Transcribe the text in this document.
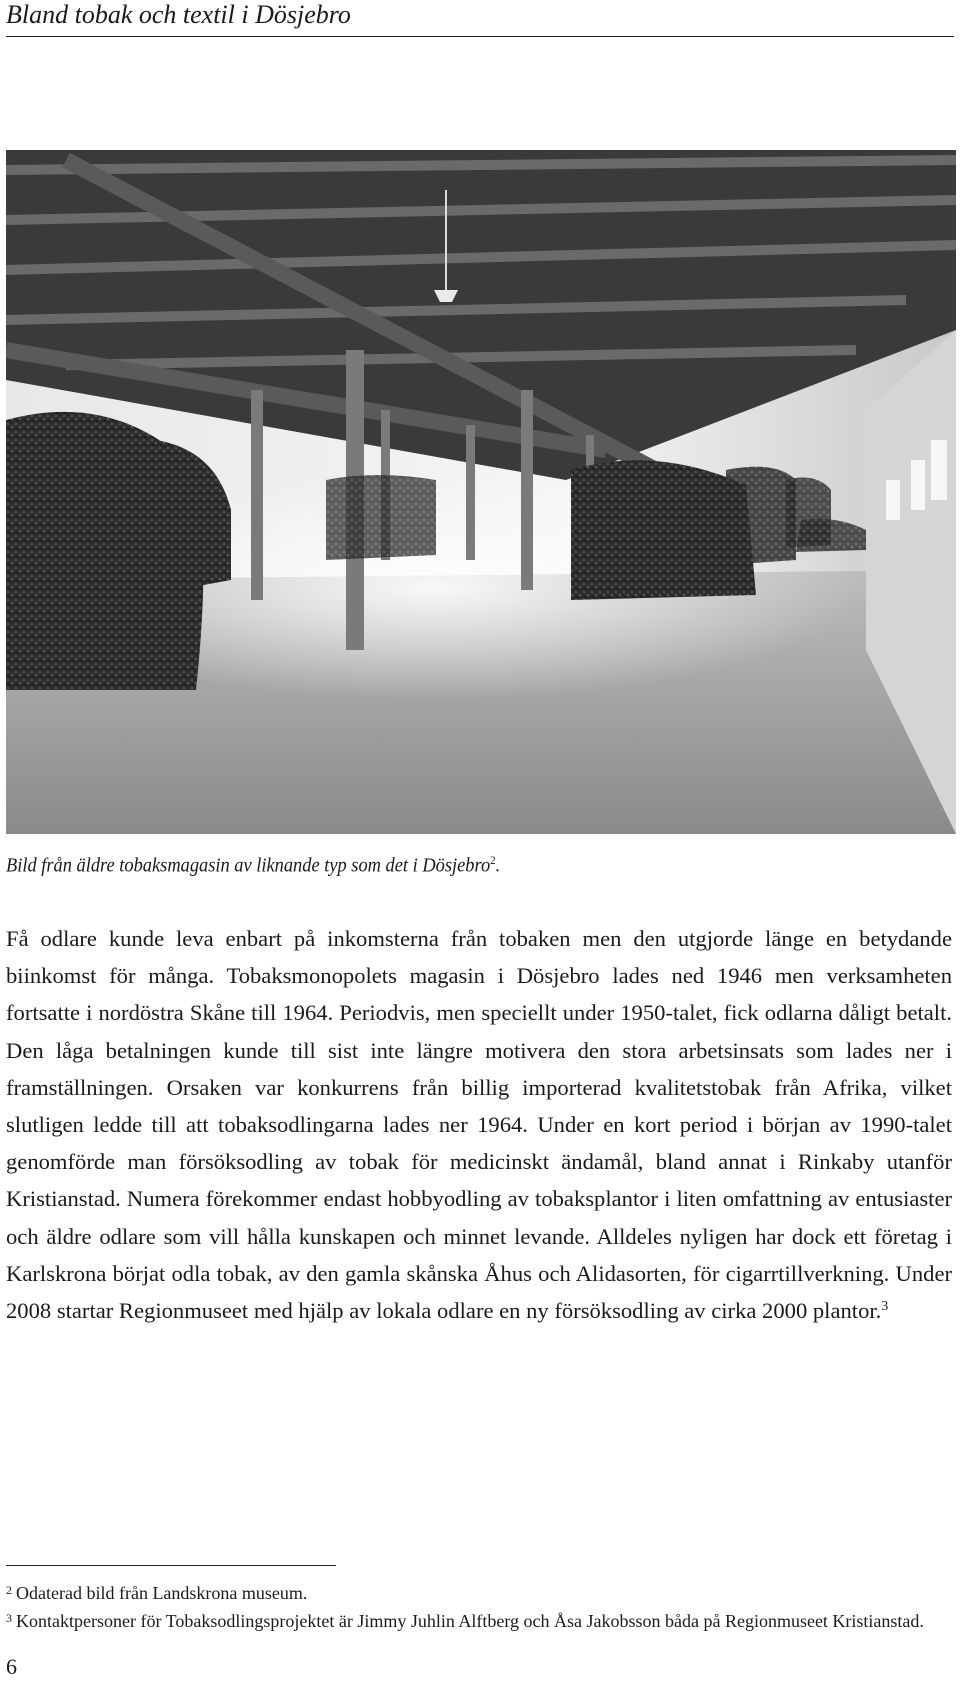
Bland tobak och textil i Dösjebro
Bild från äldre tobaksmagasin av liknande typ som det i Dösjebro$^2$.

Få odlare kunde leva enbart på inkomsterna från tobaken men den utgjorde länge en betydande biinkomst för många. Tobaksmonopolets magasin i Dösjebro lades ned 1946 men verksamheten fortsatte i nordöstra Skåne till 1964. Periodvis, men speciellt under 1950-talet, fick odlarna dåligt betalt. Den låga betalningen kunde till sist inte längre motivera den stora arbetsinsats som lades ner i framställningen. Orsaken var konkurrens från billig importerad kvalitetstobak från Afrika, vilket slutligen ledde till att tobaksodlingarna lades ner 1964. Under en kort period i början av 1990-talet genomförde man försöksodling av tobak för medicinskt ändamål, bland annat i Rinkaby utanför Kristianstad. Numera förekommer endast hobbyodling av tobaksplantor i liten omfattning av entusiaster och äldre odlare som vill hålla kunskapen och minnet levande. Alldeles nyligen har dock ett företag i Karlskrona börjat odla tobak, av den gamla skånska Åhus och Alidasorten, för cigarrtillverkning. Under 2008 startar Regionmuseet med hjälp av lokala odlare en ny försöksodling av cirka 2000 plantor.$^3$

$^2$ Odaterad bild från Landskrona museum.

$^3$ Kontaktpersoner för Tobaksodlingsprojektet är Jimmy Juhlin Alftberg och Åsa Jakobsson båda på Regionmuseet Kristianstad.

6
